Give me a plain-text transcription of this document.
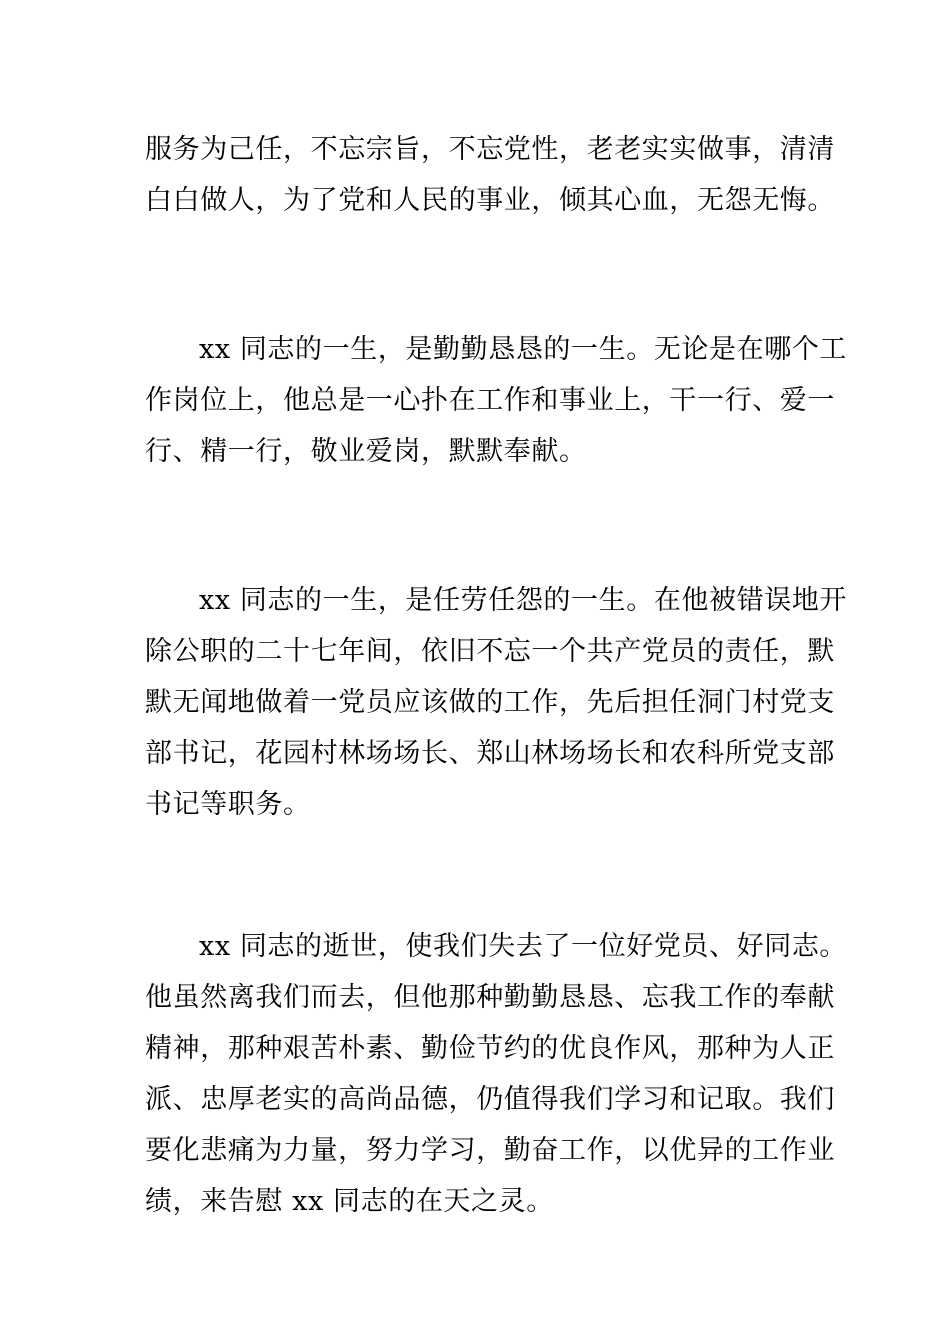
服务为己任，不忘宗旨，不忘党性，老老实实做事，清清
白白做人，为了党和人民的事业，倾其心血，无怨无悔。
xx 同志的一生，是勤勤恳恳的一生。无论是在哪个工
作岗位上，他总是一心扑在工作和事业上，干一行、爱一
行、精一行，敬业爱岗，默默奉献。
xx 同志的一生，是任劳任怨的一生。在他被错误地开
除公职的二十七年间，依旧不忘一个共产党员的责任，默
默无闻地做着一党员应该做的工作，先后担任洞门村党支
部书记，花园村林场场长、郑山林场场长和农科所党支部
书记等职务。
xx 同志的逝世，使我们失去了一位好党员、好同志。
他虽然离我们而去，但他那种勤勤恳恳、忘我工作的奉献
精神，那种艰苦朴素、勤俭节约的优良作风，那种为人正
派、忠厚老实的高尚品德，仍值得我们学习和记取。我们
要化悲痛为力量，努力学习，勤奋工作，以优异的工作业
绩，来告慰 xx 同志的在天之灵。
